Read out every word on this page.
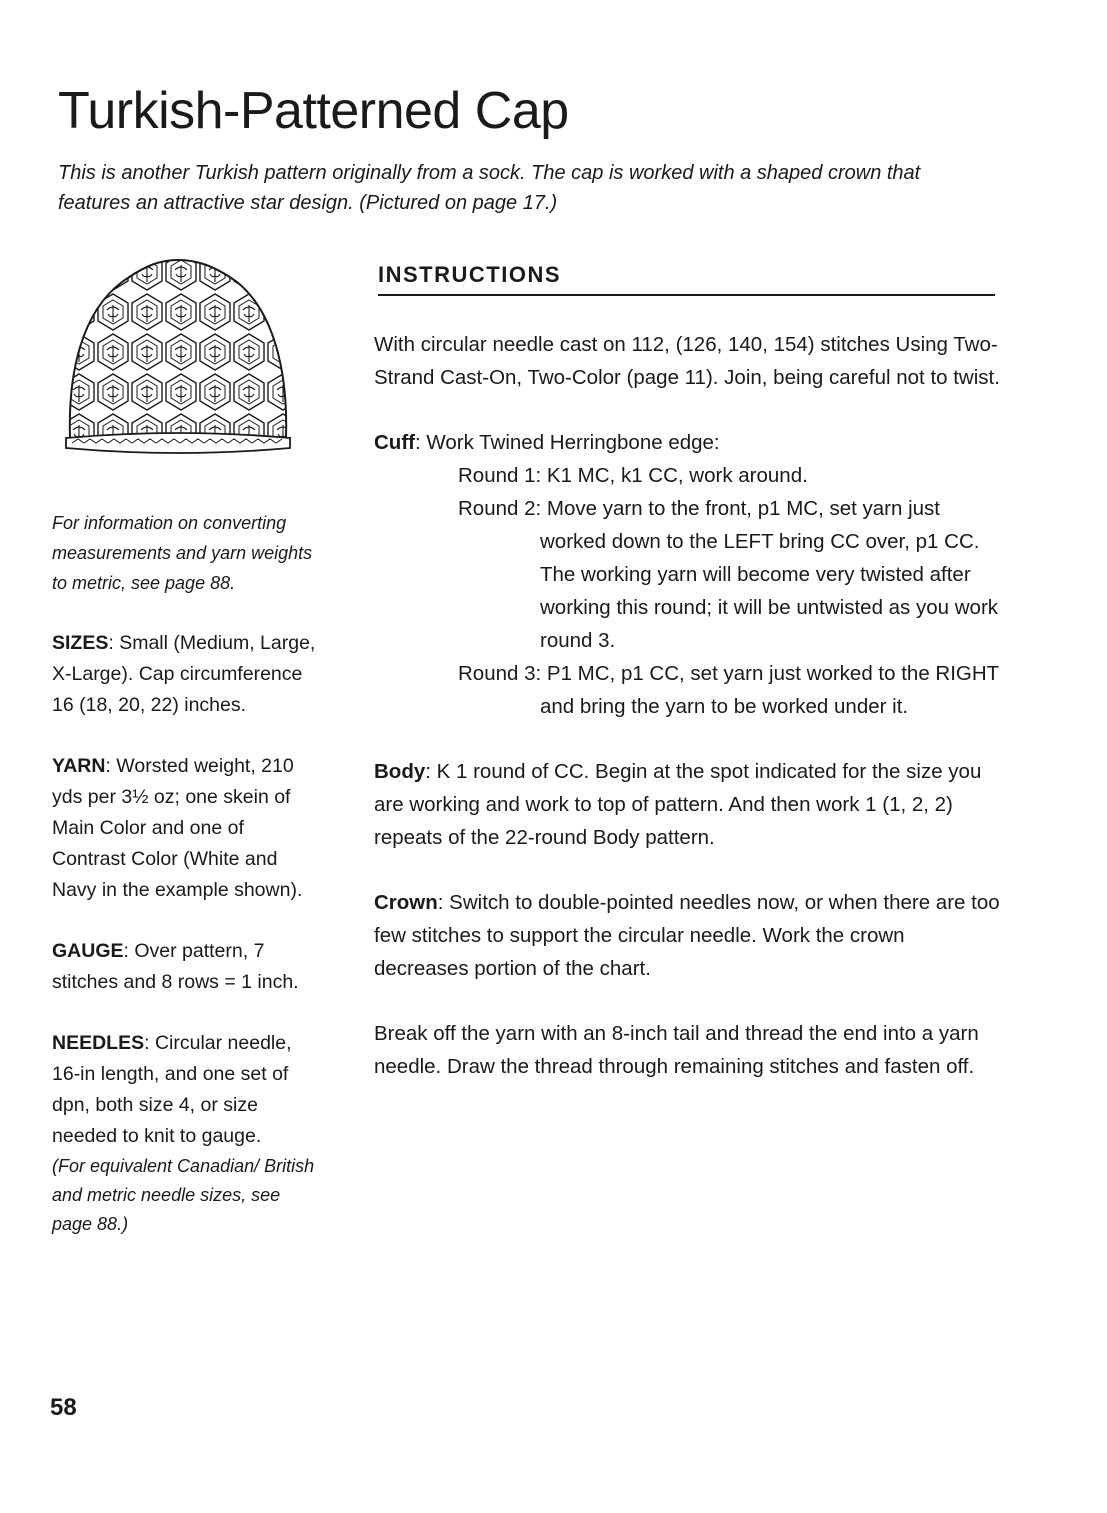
Turkish-Patterned Cap
This is another Turkish pattern originally from a sock. The cap is worked with a shaped crown that features an attractive star design. (Pictured on page 17.)
For information on converting measurements and yarn weights to metric, see page 88.
SIZES: Small (Medium, Large, X-Large). Cap circumference 16 (18, 20, 22) inches.
YARN: Worsted weight, 210 yds per 3½ oz; one skein of Main Color and one of Contrast Color (White and Navy in the example shown).
GAUGE: Over pattern, 7 stitches and 8 rows = 1 inch.
NEEDLES: Circular needle, 16-in length, and one set of dpn, both size 4, or size needed to knit to gauge.
(For equivalent Canadian/ British and metric needle sizes, see page 88.)
58
INSTRUCTIONS

With circular needle cast on 112, (126, 140, 154) stitches Using Two-Strand Cast-On, Two-Color (page 11). Join, being careful not to twist.

Cuff: Work Twined Herringbone edge:
Round 1: K1 MC, k1 CC, work around.
Round 2: Move yarn to the front, p1 MC, set yarn just worked down to the LEFT bring CC over, p1 CC. The working yarn will become very twisted after working this round; it will be untwisted as you work round 3.
Round 3: P1 MC, p1 CC, set yarn just worked to the RIGHT and bring the yarn to be worked under it.

Body: K 1 round of CC. Begin at the spot indicated for the size you are working and work to top of pattern. And then work 1 (1, 2, 2) repeats of the 22-round Body pattern.

Crown: Switch to double-pointed needles now, or when there are too few stitches to support the circular needle. Work the crown decreases portion of the chart.

Break off the yarn with an 8-inch tail and thread the end into a yarn needle. Draw the thread through remaining stitches and fasten off.
